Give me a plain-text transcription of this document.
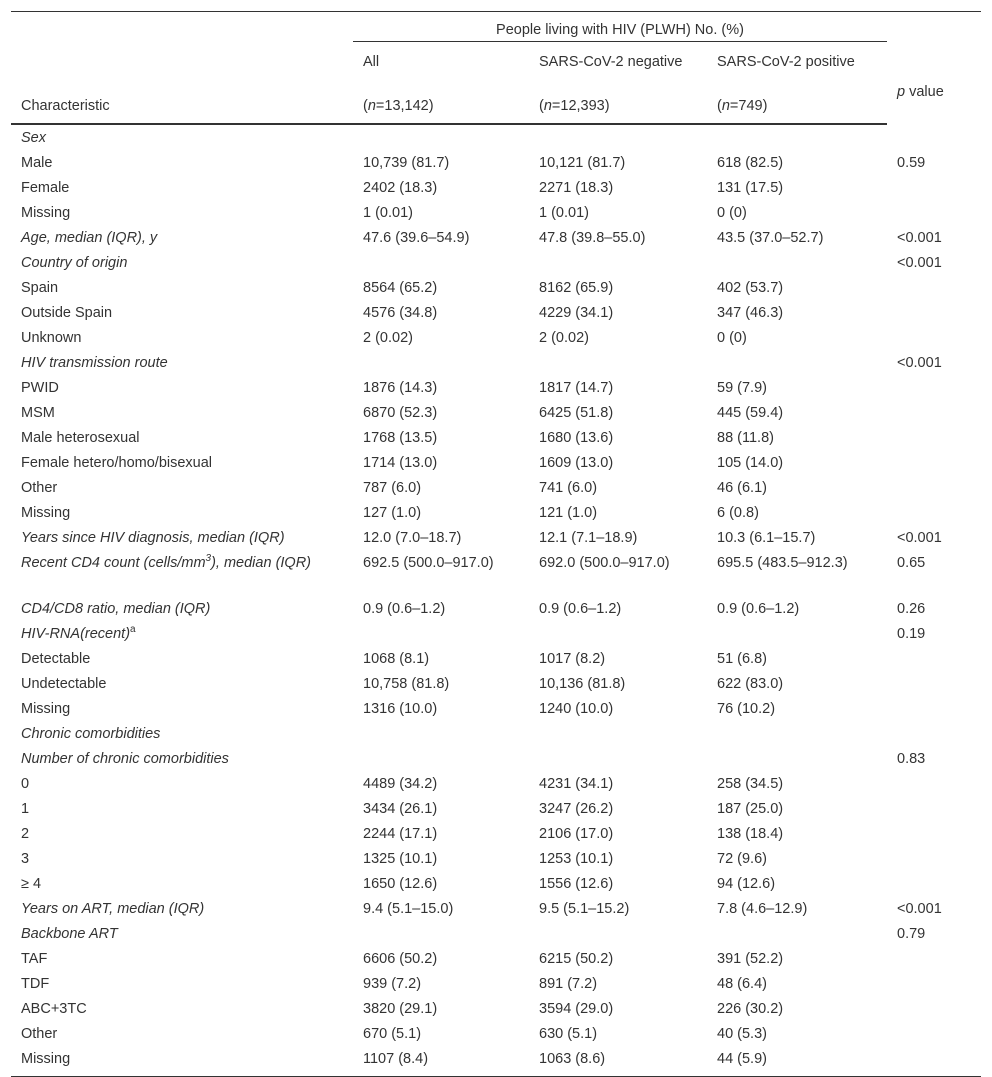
	People living with HIV (PLWH) No. (%)			
	All	SARS-CoV-2 negative	SARS-CoV-2 positive	p value
Characteristic	(n=13,142)	(n=12,393)	(n=749)	
Sex				
Male	10,739 (81.7)	10,121 (81.7)	618 (82.5)	0.59
Female	2402 (18.3)	2271 (18.3)	131 (17.5)	
Missing	1 (0.01)	1 (0.01)	0 (0)	
Age, median (IQR), y	47.6 (39.6–54.9)	47.8 (39.8–55.0)	43.5 (37.0–52.7)	<0.001
Country of origin				<0.001
Spain	8564 (65.2)	8162 (65.9)	402 (53.7)	
Outside Spain	4576 (34.8)	4229 (34.1)	347 (46.3)	
Unknown	2 (0.02)	2 (0.02)	0 (0)	
HIV transmission route				<0.001
PWID	1876 (14.3)	1817 (14.7)	59 (7.9)	
MSM	6870 (52.3)	6425 (51.8)	445 (59.4)	
Male heterosexual	1768 (13.5)	1680 (13.6)	88 (11.8)	
Female hetero/homo/bisexual	1714 (13.0)	1609 (13.0)	105 (14.0)	
Other	787 (6.0)	741 (6.0)	46 (6.1)	
Missing	127 (1.0)	121 (1.0)	6 (0.8)	
Years since HIV diagnosis, median (IQR)	12.0 (7.0–18.7)	12.1 (7.1–18.9)	10.3 (6.1–15.7)	<0.001
Recent CD4 count $(cells/mm^3)$, median (IQR)	692.5 (500.0–917.0)	692.0 (500.0–917.0)	695.5 (483.5–912.3)	0.65
CD4/CD8 ratio, median (IQR)	0.9 (0.6–1.2)	0.9 (0.6–1.2)	0.9 (0.6–1.2)	0.26
HIV-RNA(recent)$^a$				0.19
Detectable	1068 (8.1)	1017 (8.2)	51 (6.8)	
Undetectable	10,758 (81.8)	10,136 (81.8)	622 (83.0)	
Missing	1316 (10.0)	1240 (10.0)	76 (10.2)	
Chronic comorbidities				
Number of chronic comorbidities				0.83
0	4489 (34.2)	4231 (34.1)	258 (34.5)	
1	3434 (26.1)	3247 (26.2)	187 (25.0)	
2	2244 (17.1)	2106 (17.0)	138 (18.4)	
3	1325 (10.1)	1253 (10.1)	72 (9.6)	
≥ 4	1650 (12.6)	1556 (12.6)	94 (12.6)	
Years on ART, median (IQR)	9.4 (5.1–15.0)	9.5 (5.1–15.2)	7.8 (4.6–12.9)	<0.001
Backbone ART				0.79
TAF	6606 (50.2)	6215 (50.2)	391 (52.2)	
TDF	939 (7.2)	891 (7.2)	48 (6.4)	
ABC+3TC	3820 (29.1)	3594 (29.0)	226 (30.2)	
Other	670 (5.1)	630 (5.1)	40 (5.3)	
Missing	1107 (8.4)	1063 (8.6)	44 (5.9)	
